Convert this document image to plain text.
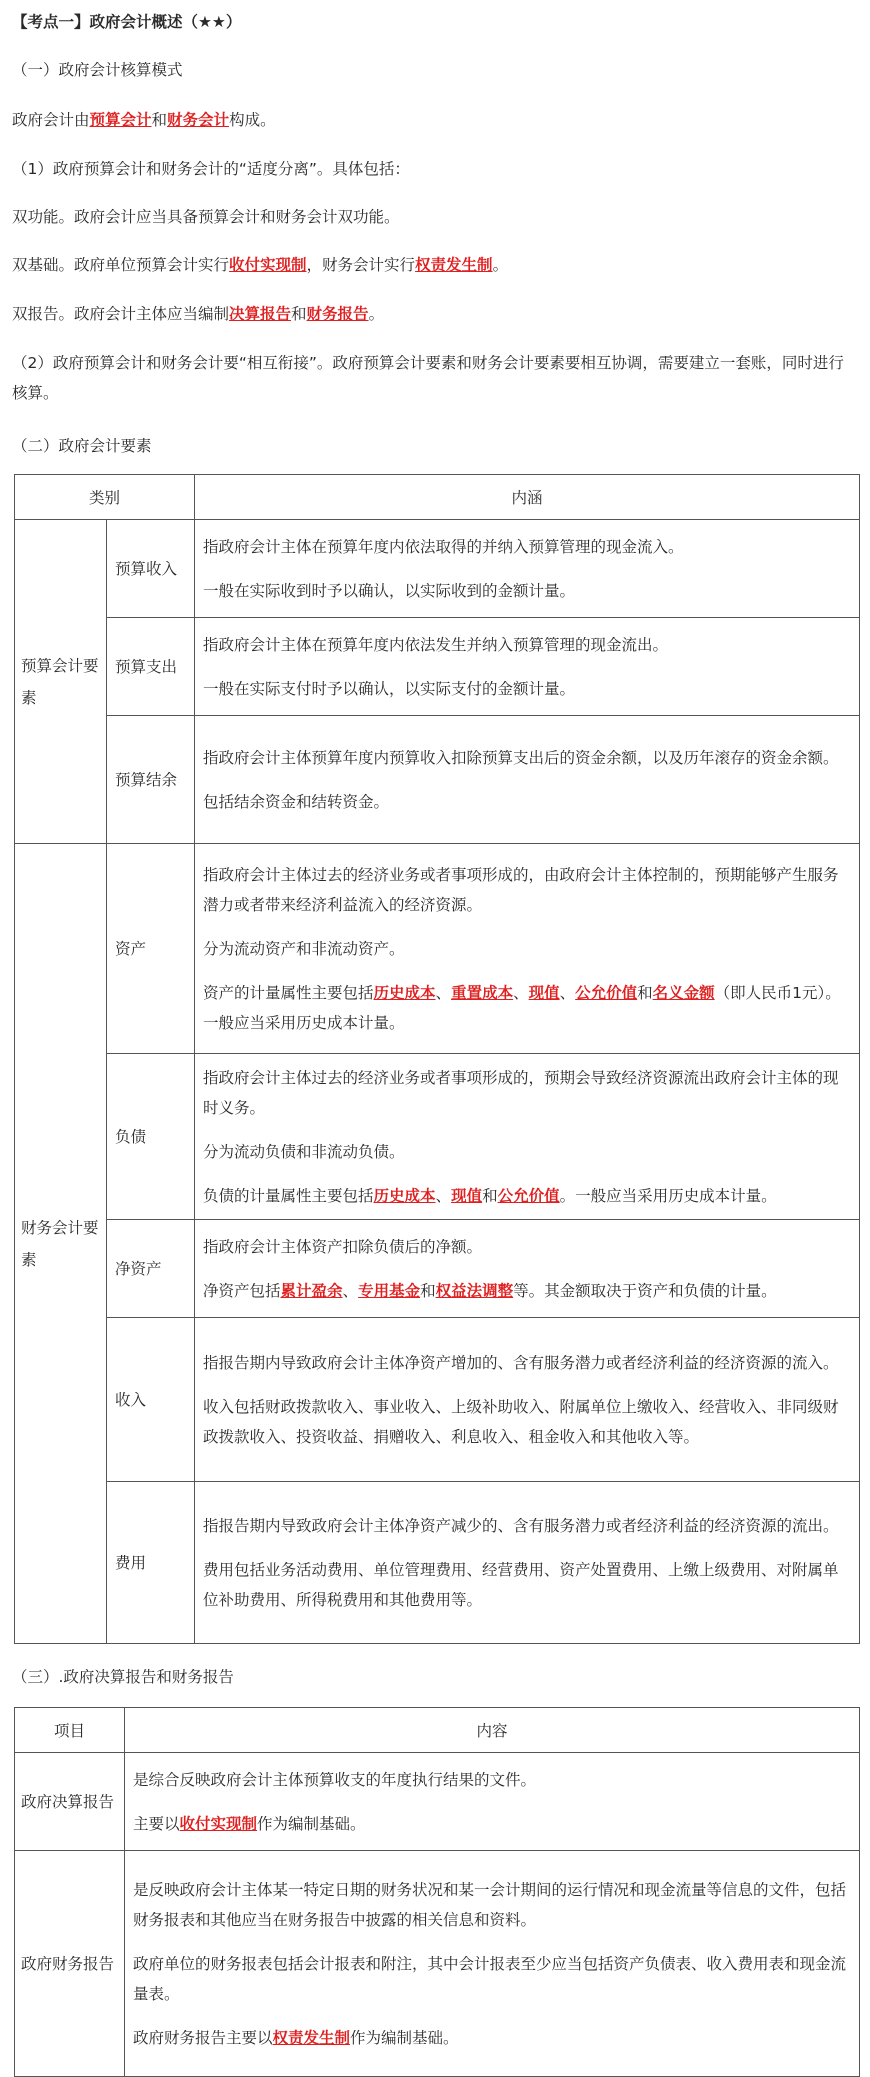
【考点一】政府会计概述（★★）
（一）政府会计核算模式
政府会计由预算会计和财务会计构成。
（1）政府预算会计和财务会计的“适度分离”。具体包括：
双功能。政府会计应当具备预算会计和财务会计双功能。
双基础。政府单位预算会计实行收付实现制，财务会计实行权责发生制。
双报告。政府会计主体应当编制决算报告和财务报告。
（2）政府预算会计和财务会计要“相互衔接”。政府预算会计要素和财务会计要素要相互协调，需要建立一套账，同时进行核算。
（二）政府会计要素
类别		内涵
预算会计要素	预算收入	指政府会计主体在预算年度内依法取得的并纳入预算管理的现金流入。

一般在实际收到时予以确认，以实际收到的金额计量。

	预算支出	指政府会计主体在预算年度内依法发生并纳入预算管理的现金流出。

一般在实际支付时予以确认，以实际支付的金额计量。

	预算结余	指政府会计主体预算年度内预算收入扣除预算支出后的资金余额，以及历年滚存的资金余额。

包括结余资金和结转资金。

财务会计要素	资产	指政府会计主体过去的经济业务或者事项形成的，由政府会计主体控制的，预期能够产生服务潜力或者带来经济利益流入的经济资源。

分为流动资产和非流动资产。

资产的计量属性主要包括历史成本、重置成本、现值、公允价值和名义金额（即人民币1元）。一般应当采用历史成本计量。

	负债	指政府会计主体过去的经济业务或者事项形成的，预期会导致经济资源流出政府会计主体的现时义务。

分为流动负债和非流动负债。

负债的计量属性主要包括历史成本、现值和公允价值。一般应当采用历史成本计量。

	净资产	指政府会计主体资产扣除负债后的净额。

净资产包括累计盈余、专用基金和权益法调整等。其金额取决于资产和负债的计量。

	收入	指报告期内导致政府会计主体净资产增加的、含有服务潜力或者经济利益的经济资源的流入。

收入包括财政拨款收入、事业收入、上级补助收入、附属单位上缴收入、经营收入、非同级财政拨款收入、投资收益、捐赠收入、利息收入、租金收入和其他收入等。

	费用	指报告期内导致政府会计主体净资产减少的、含有服务潜力或者经济利益的经济资源的流出。

费用包括业务活动费用、单位管理费用、经营费用、资产处置费用、上缴上级费用、对附属单位补助费用、所得税费用和其他费用等。

（三）.政府决算报告和财务报告
项目	内容
政府决算报告	是综合反映政府会计主体预算收支的年度执行结果的文件。

主要以收付实现制作为编制基础。

政府财务报告	是反映政府会计主体某一特定日期的财务状况和某一会计期间的运行情况和现金流量等信息的文件，包括财务报表和其他应当在财务报告中披露的相关信息和资料。

政府单位的财务报表包括会计报表和附注，其中会计报表至少应当包括资产负债表、收入费用表和现金流量表。

政府财务报告主要以权责发生制作为编制基础。
